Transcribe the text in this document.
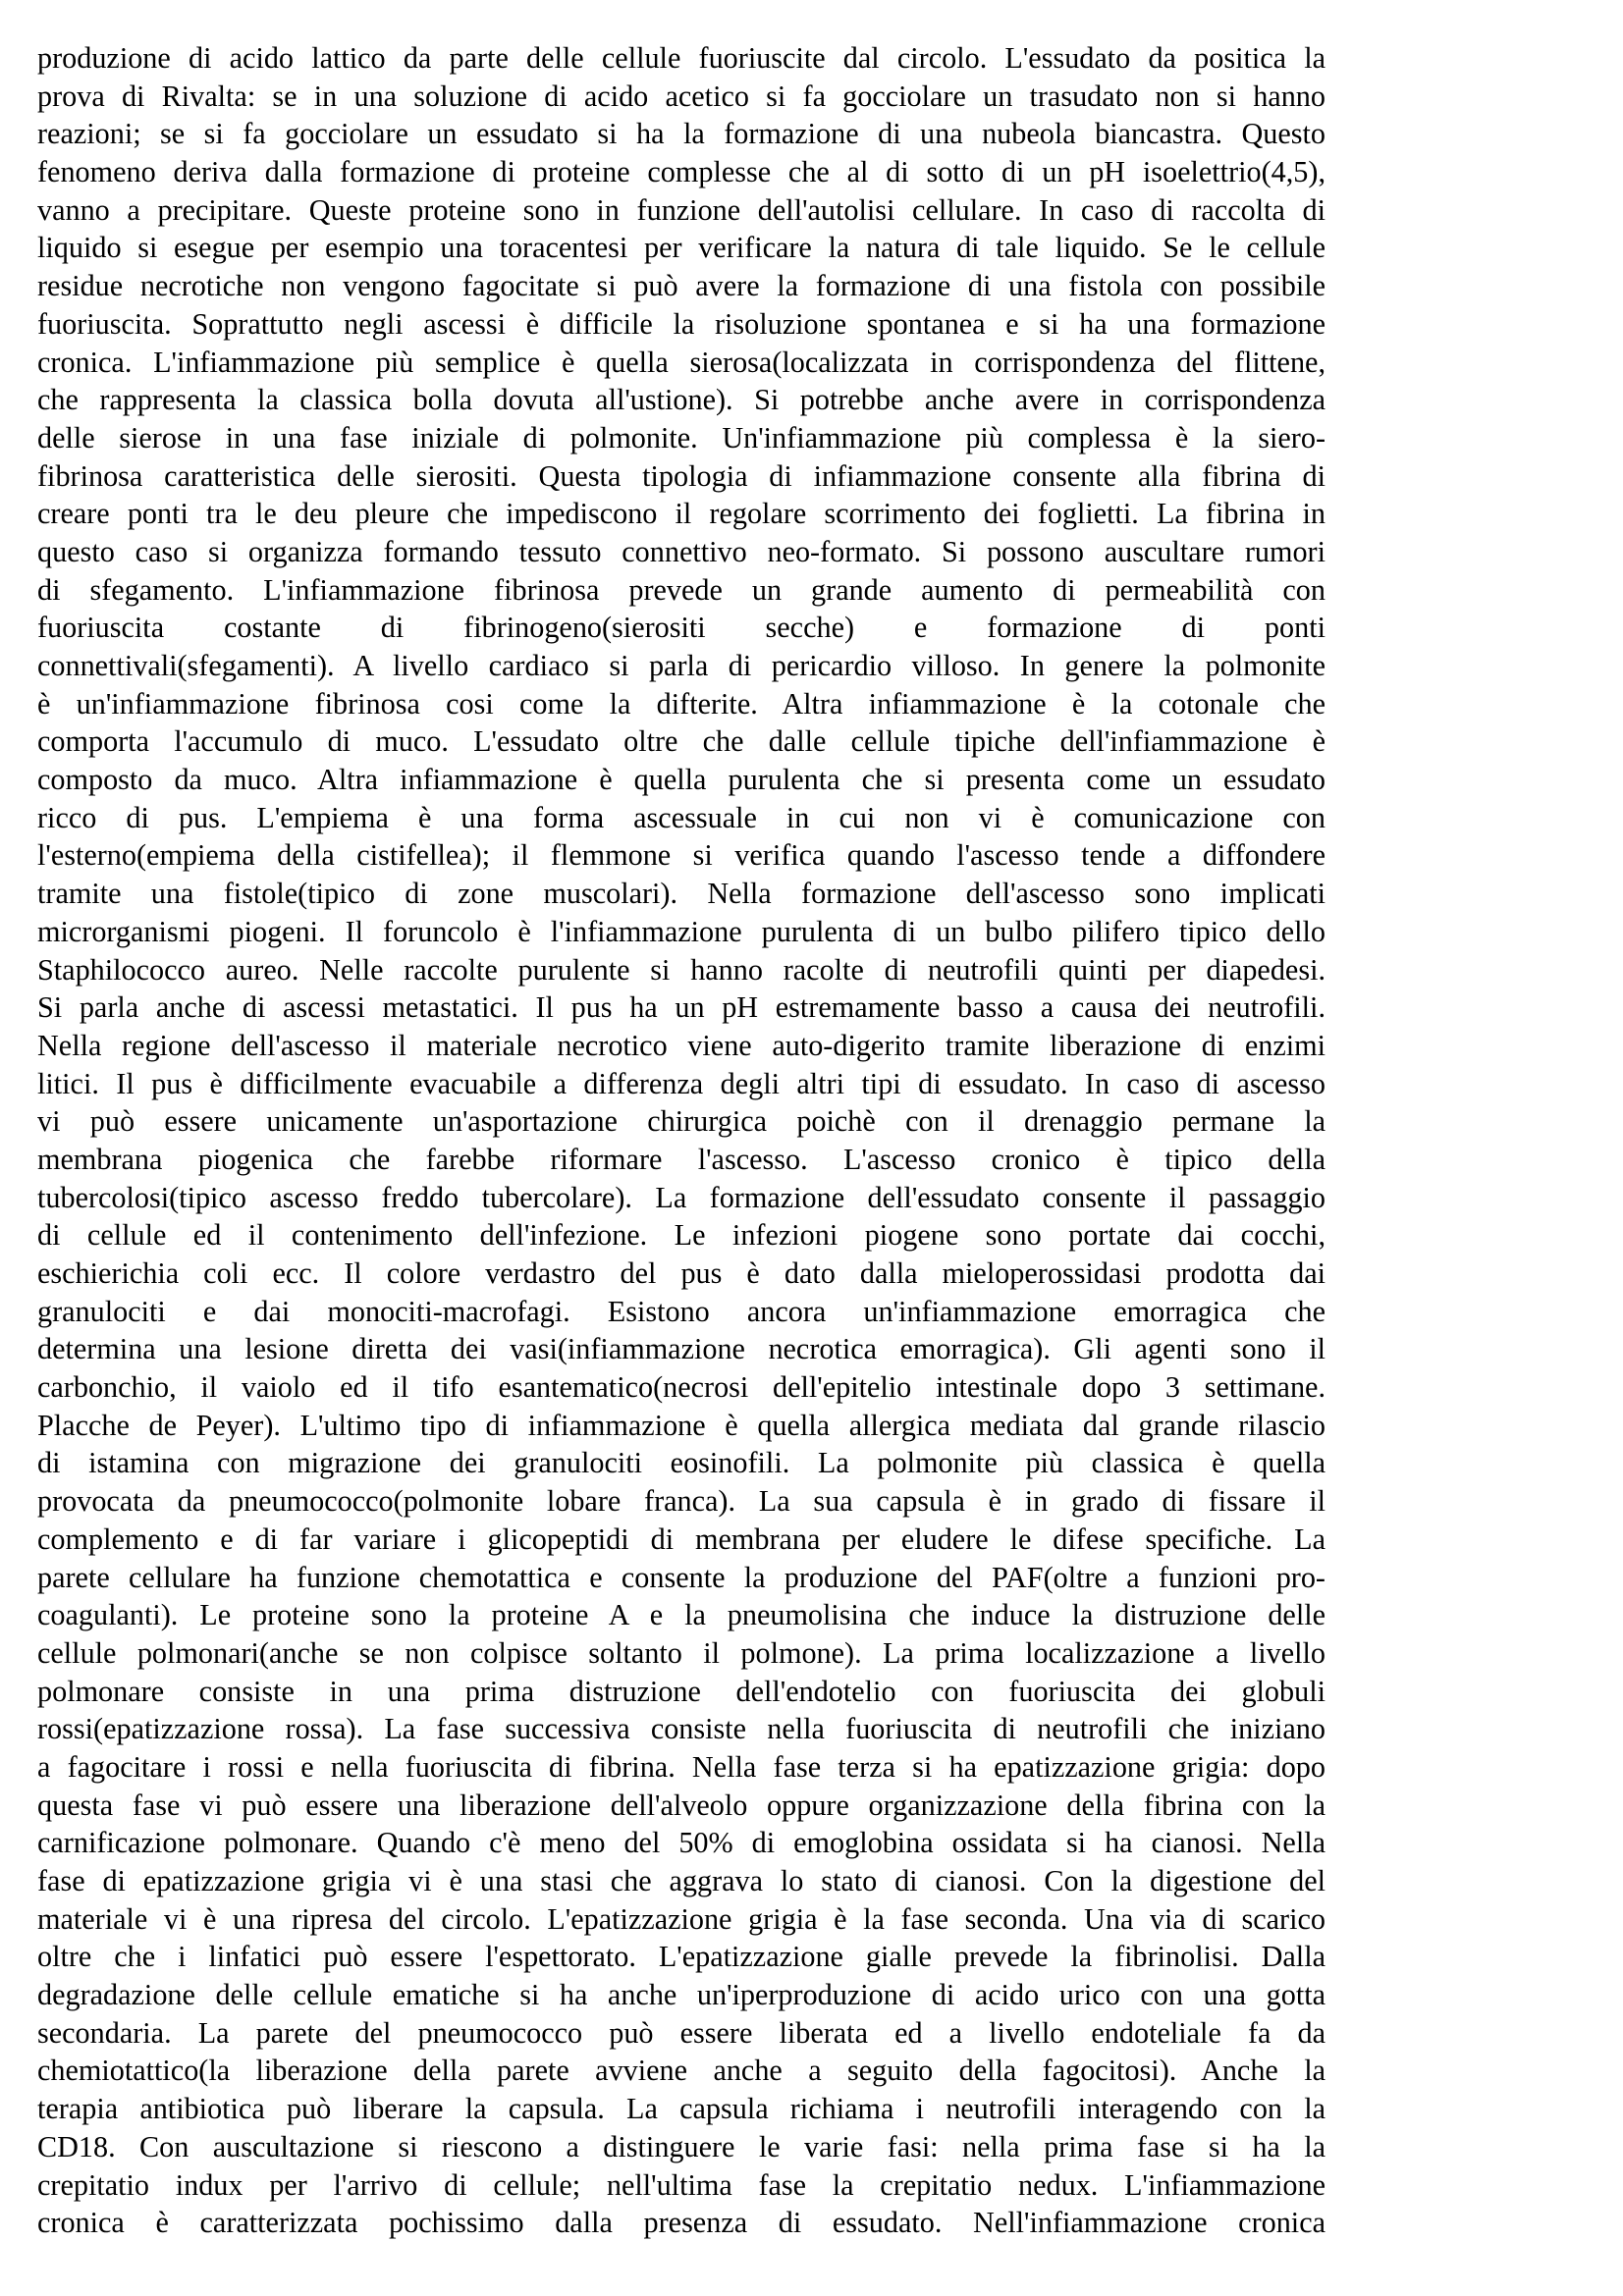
produzione di acido lattico da parte delle cellule fuoriuscite dal circolo. L'essudato da positica la
prova di Rivalta: se in una soluzione di acido acetico si fa gocciolare un trasudato non si hanno
reazioni; se si fa gocciolare un essudato si ha la formazione di una nubeola biancastra. Questo
fenomeno deriva dalla formazione di proteine complesse che al di sotto di un pH isoelettrio(4,5),
vanno a precipitare. Queste proteine sono in funzione dell'autolisi cellulare. In caso di raccolta di
liquido si esegue per esempio una toracentesi per verificare la natura di tale liquido. Se le cellule
residue necrotiche non vengono fagocitate si può avere la formazione di una fistola con possibile
fuoriuscita. Soprattutto negli ascessi è difficile la risoluzione spontanea e si ha una formazione
cronica. L'infiammazione più semplice è quella sierosa(localizzata in corrispondenza del flittene,
che rappresenta la classica bolla dovuta all'ustione). Si potrebbe anche avere in corrispondenza
delle sierose in una fase iniziale di polmonite. Un'infiammazione più complessa è la siero-
fibrinosa caratteristica delle sierositi. Questa tipologia di infiammazione consente alla fibrina di
creare ponti tra le deu pleure che impediscono il regolare scorrimento dei foglietti. La fibrina in
questo caso si organizza formando tessuto connettivo neo-formato. Si possono auscultare rumori
di sfegamento. L'infiammazione fibrinosa prevede un grande aumento di permeabilità con
fuoriuscita costante di fibrinogeno(sierositi secche) e formazione di ponti
connettivali(sfegamenti). A livello cardiaco si parla di pericardio villoso. In genere la polmonite
è un'infiammazione fibrinosa cosi come la difterite. Altra infiammazione è la cotonale che
comporta l'accumulo di muco. L'essudato oltre che dalle cellule tipiche dell'infiammazione è
composto da muco. Altra infiammazione è quella purulenta che si presenta come un essudato
ricco di pus. L'empiema è una forma ascessuale in cui non vi è comunicazione con
l'esterno(empiema della cistifellea); il flemmone si verifica quando l'ascesso tende a diffondere
tramite una fistole(tipico di zone muscolari). Nella formazione dell'ascesso sono implicati
microrganismi piogeni. Il foruncolo è l'infiammazione purulenta di un bulbo pilifero tipico dello
Staphilococco aureo. Nelle raccolte purulente si hanno racolte di neutrofili quinti per diapedesi.
Si parla anche di ascessi metastatici. Il pus ha un pH estremamente basso a causa dei neutrofili.
Nella regione dell'ascesso il materiale necrotico viene auto-digerito tramite liberazione di enzimi
litici. Il pus è difficilmente evacuabile a differenza degli altri tipi di essudato. In caso di ascesso
vi può essere unicamente un'asportazione chirurgica poichè con il drenaggio permane la
membrana piogenica che farebbe riformare l'ascesso. L'ascesso cronico è tipico della
tubercolosi(tipico ascesso freddo tubercolare). La formazione dell'essudato consente il passaggio
di cellule ed il contenimento dell'infezione. Le infezioni piogene sono portate dai cocchi,
eschierichia coli ecc. Il colore verdastro del pus è dato dalla mieloperossidasi prodotta dai
granulociti e dai monociti-macrofagi. Esistono ancora un'infiammazione emorragica che
determina una lesione diretta dei vasi(infiammazione necrotica emorragica). Gli agenti sono il
carbonchio, il vaiolo ed il tifo esantematico(necrosi dell'epitelio intestinale dopo 3 settimane.
Placche de Peyer). L'ultimo tipo di infiammazione è quella allergica mediata dal grande rilascio
di istamina con migrazione dei granulociti eosinofili. La polmonite più classica è quella
provocata da pneumococco(polmonite lobare franca). La sua capsula è in grado di fissare il
complemento e di far variare i glicopeptidi di membrana per eludere le difese specifiche. La
parete cellulare ha funzione chemotattica e consente la produzione del PAF(oltre a funzioni pro-
coagulanti). Le proteine sono la proteine A e la pneumolisina che induce la distruzione delle
cellule polmonari(anche se non colpisce soltanto il polmone). La prima localizzazione a livello
polmonare consiste in una prima distruzione dell'endotelio con fuoriuscita dei globuli
rossi(epatizzazione rossa). La fase successiva consiste nella fuoriuscita di neutrofili che iniziano
a fagocitare i rossi e nella fuoriuscita di fibrina. Nella fase terza si ha epatizzazione grigia: dopo
questa fase vi può essere una liberazione dell'alveolo oppure organizzazione della fibrina con la
carnificazione polmonare. Quando c'è meno del 50% di emoglobina ossidata si ha cianosi. Nella
fase di epatizzazione grigia vi è una stasi che aggrava lo stato di cianosi. Con la digestione del
materiale vi è una ripresa del circolo. L'epatizzazione grigia è la fase seconda. Una via di scarico
oltre che i linfatici può essere l'espettorato. L'epatizzazione gialle prevede la fibrinolisi. Dalla
degradazione delle cellule ematiche si ha anche un'iperproduzione di acido urico con una gotta
secondaria. La parete del pneumococco può essere liberata ed a livello endoteliale fa da
chemiotattico(la liberazione della parete avviene anche a seguito della fagocitosi). Anche la
terapia antibiotica può liberare la capsula. La capsula richiama i neutrofili interagendo con la
CD18. Con auscultazione si riescono a distinguere le varie fasi: nella prima fase si ha la
crepitatio indux per l'arrivo di cellule; nell'ultima fase la crepitatio nedux. L'infiammazione
cronica è caratterizzata pochissimo dalla presenza di essudato. Nell'infiammazione cronica
